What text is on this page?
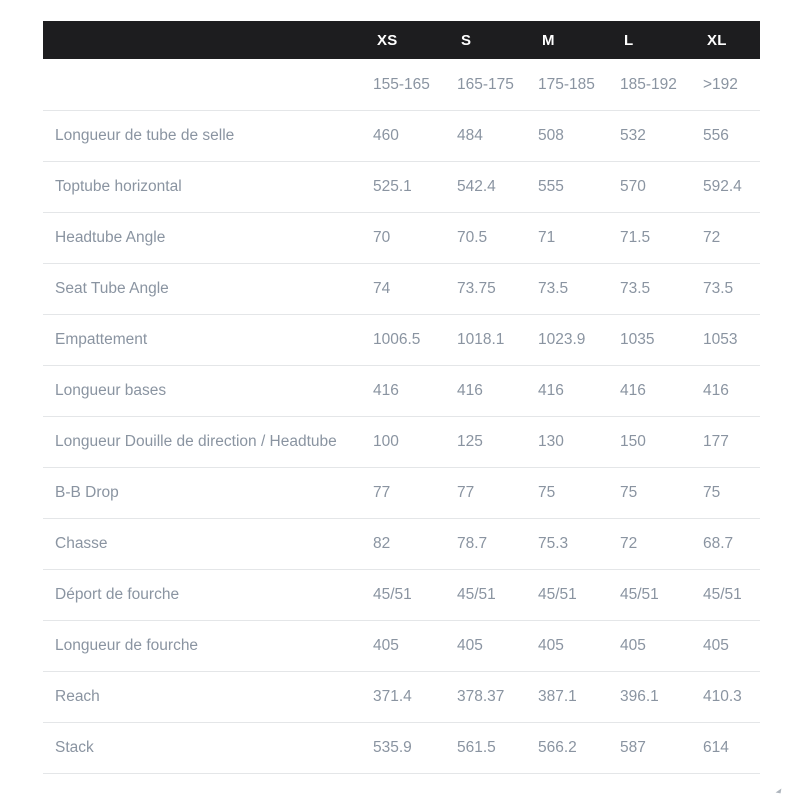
	XS	S	M	L	XL
	155-165	165-175	175-185	185-192	>192
Longueur de tube de selle	460	484	508	532	556
Toptube horizontal	525.1	542.4	555	570	592.4
Headtube Angle	70	70.5	71	71.5	72
Seat Tube Angle	74	73.75	73.5	73.5	73.5
Empattement	1006.5	1018.1	1023.9	1035	1053
Longueur bases	416	416	416	416	416
Longueur Douille de direction / Headtube	100	125	130	150	177
B-B Drop	77	77	75	75	75
Chasse	82	78.7	75.3	72	68.7
Déport de fourche	45/51	45/51	45/51	45/51	45/51
Longueur de fourche	405	405	405	405	405
Reach	371.4	378.37	387.1	396.1	410.3
Stack	535.9	561.5	566.2	587	614
